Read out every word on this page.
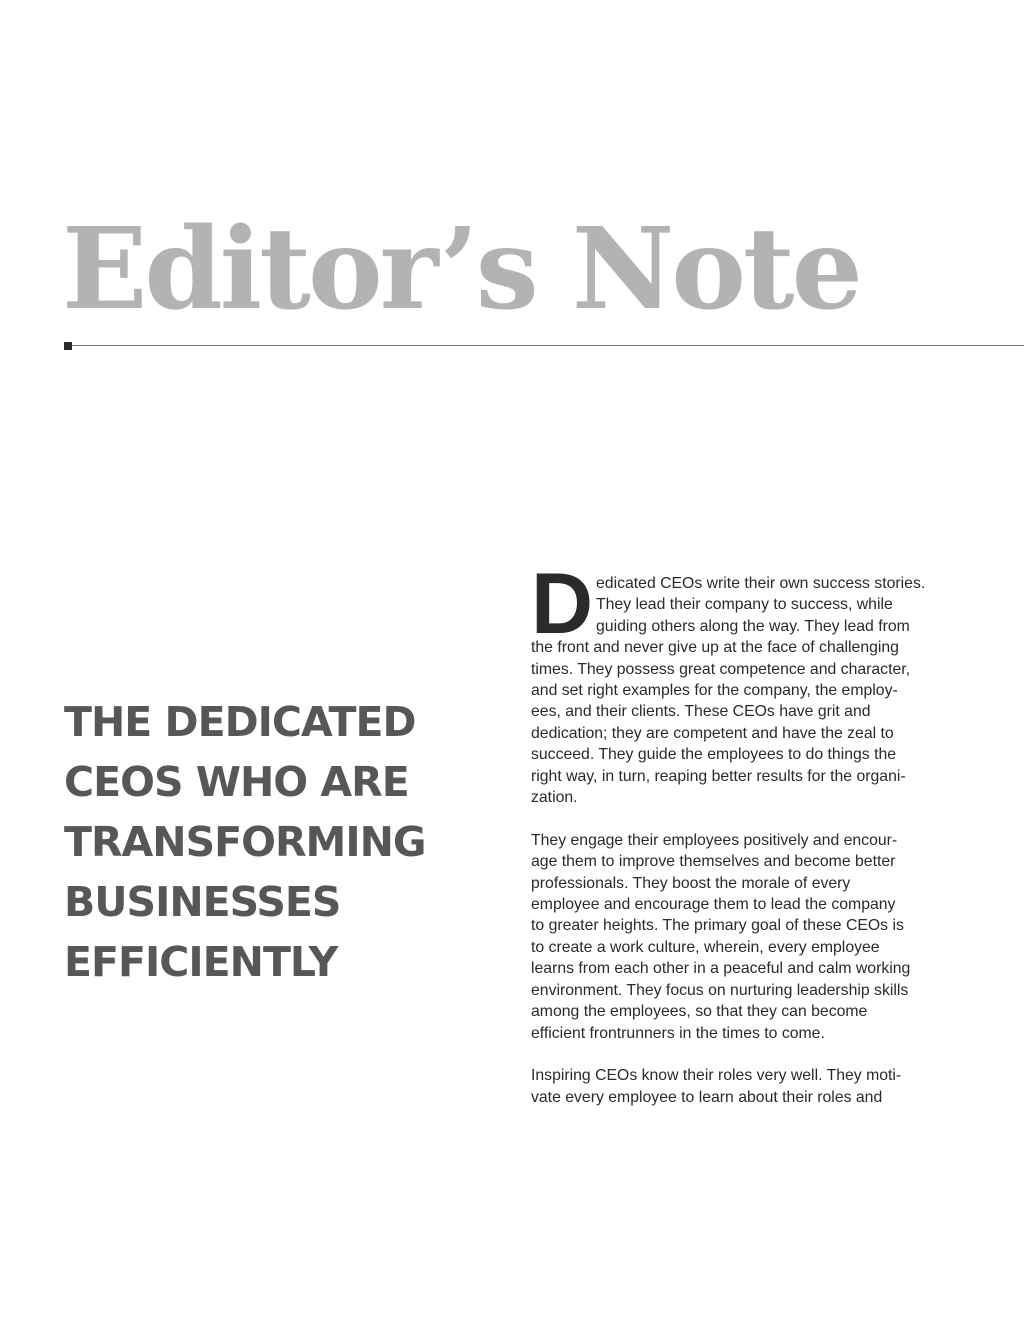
Editor’s Note
THE DEDICATED
CEOS WHO ARE
TRANSFORMING
BUSINESSES
EFFICIENTLY
D edicated CEOs write their own success stories.
They lead their company to success, while
guiding others along the way. They lead from
the front and never give up at the face of challenging
times. They possess great competence and character,
and set right examples for the company, the employ-
ees, and their clients. These CEOs have grit and
dedication; they are competent and have the zeal to
succeed. They guide the employees to do things the
right way, in turn, reaping better results for the organi-
zation.
They engage their employees positively and encour-
age them to improve themselves and become better
professionals. They boost the morale of every
employee and encourage them to lead the company
to greater heights. The primary goal of these CEOs is
to create a work culture, wherein, every employee
learns from each other in a peaceful and calm working
environment. They focus on nurturing leadership skills
among the employees, so that they can become
efficient frontrunners in the times to come.
Inspiring CEOs know their roles very well. They moti-
vate every employee to learn about their roles and
